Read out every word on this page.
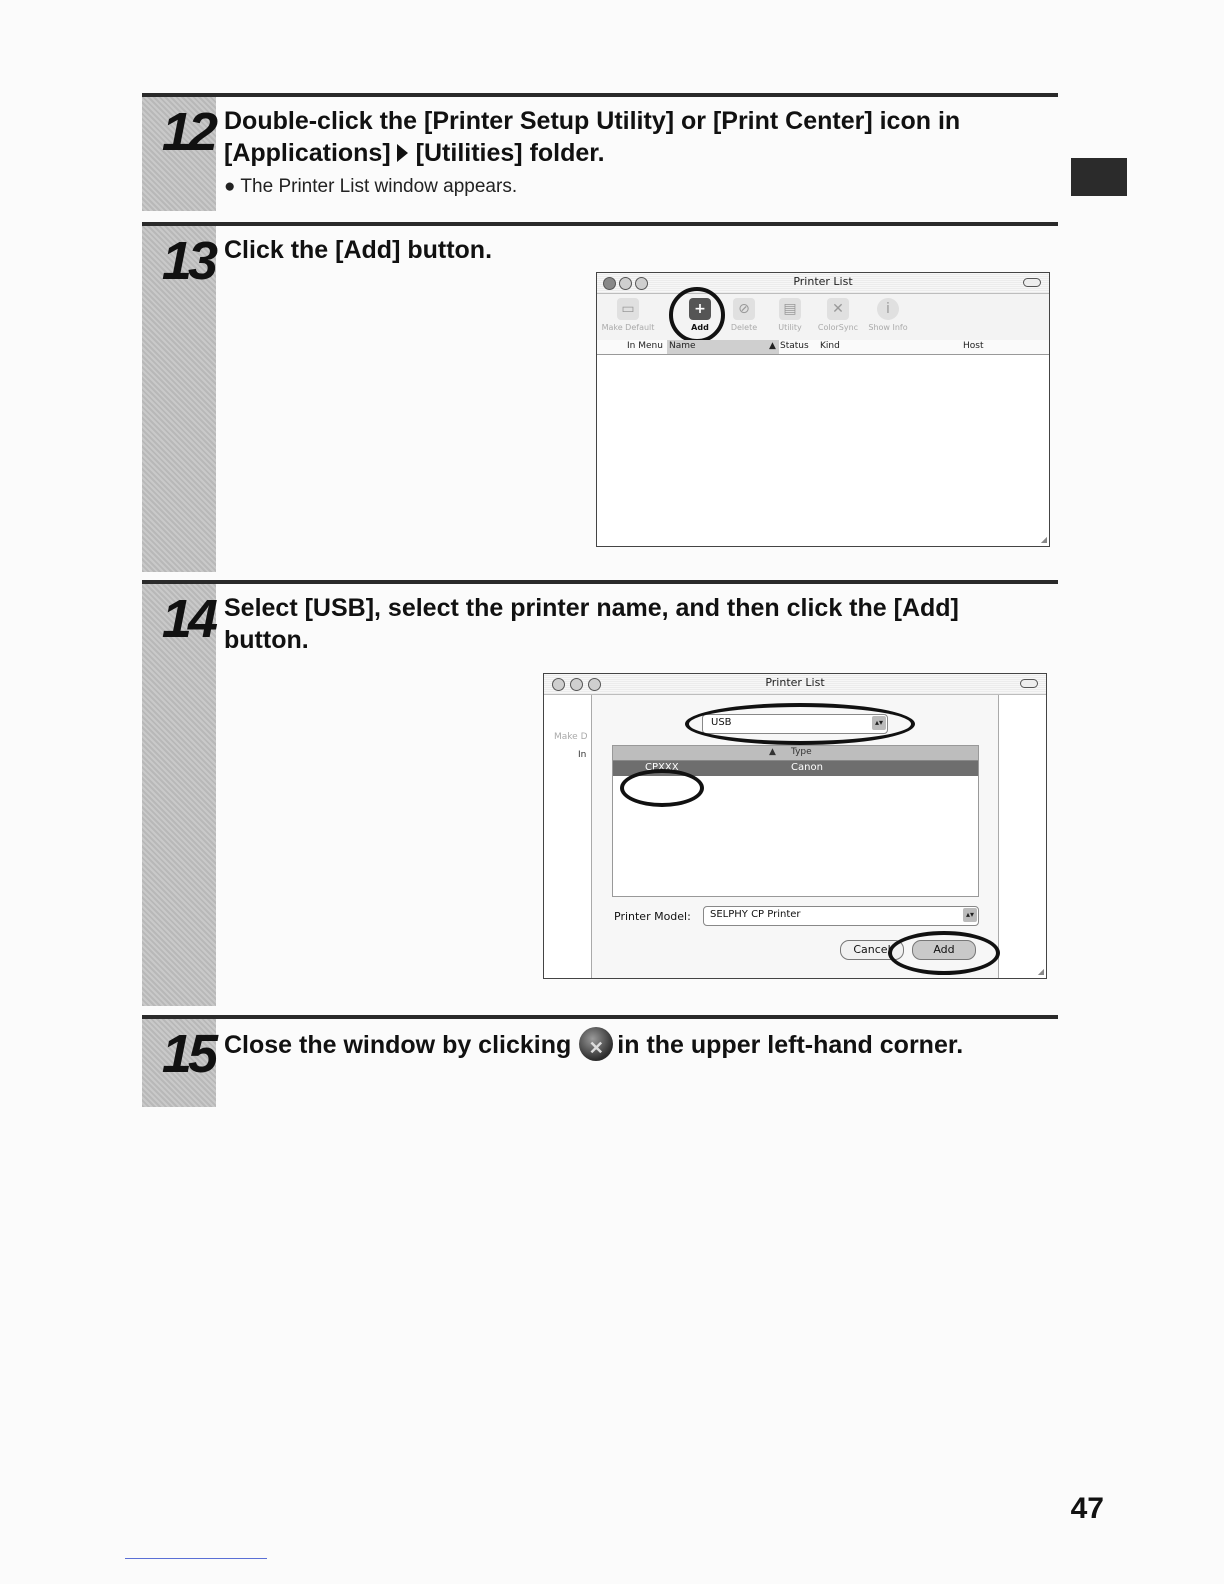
12 Double-click the [Printer Setup Utility] or [Print Center] icon in
[Applications] [Utilities] folder.
● The Printer List window appears.
13 Click the [Add] button.
Printer List
▭
Make Default
+
Add
⊘
Delete
▤
Utility
✕
ColorSync
i
Show Info
In Menu Name	▲ Status Kind	Host
◢
14 Select [USB], select the printer name, and then click the [Add]
button.
Printer List
Make D
In
USB	▴▾
▲ Type
CPXXX	Canon
Printer Model: SELPHY CP Printer	▴▾
Cancel	Add
◢
15 Close the window by clicking✕ in the upper left-hand corner.
47
